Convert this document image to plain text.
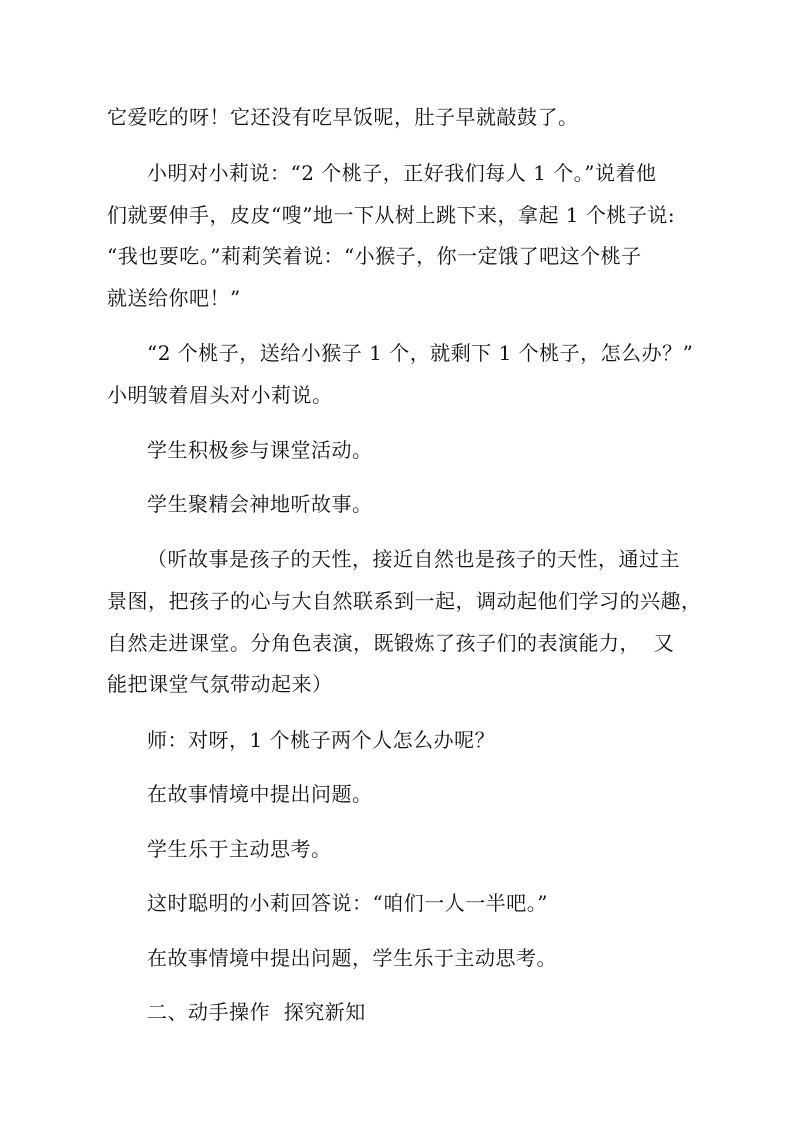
它爱吃的呀！它还没有吃早饭呢，肚子早就敲鼓了。
小明对小莉说：“2 个桃子，正好我们每人 1 个。”说着他
们就要伸手，皮皮“嗖”地一下从树上跳下来，拿起 1 个桃子说:
“我也要吃。”莉莉笑着说：“小猴子，你一定饿了吧这个桃子
就送给你吧！”
“2 个桃子，送给小猴子 1 个，就剩下 1 个桃子，怎么办？”
小明皱着眉头对小莉说。
学生积极参与课堂活动。
学生聚精会神地听故事。
（听故事是孩子的天性，接近自然也是孩子的天性，通过主
景图，把孩子的心与大自然联系到一起，调动起他们学习的兴趣，
自然走进课堂。分角色表演，既锻炼了孩子们的表演能力，  又
能把课堂气氛带动起来）
师：对呀，1 个桃子两个人怎么办呢？
在故事情境中提出问题。
学生乐于主动思考。
这时聪明的小莉回答说：“咱们一人一半吧。”
在故事情境中提出问题，学生乐于主动思考。
二、动手操作  探究新知
